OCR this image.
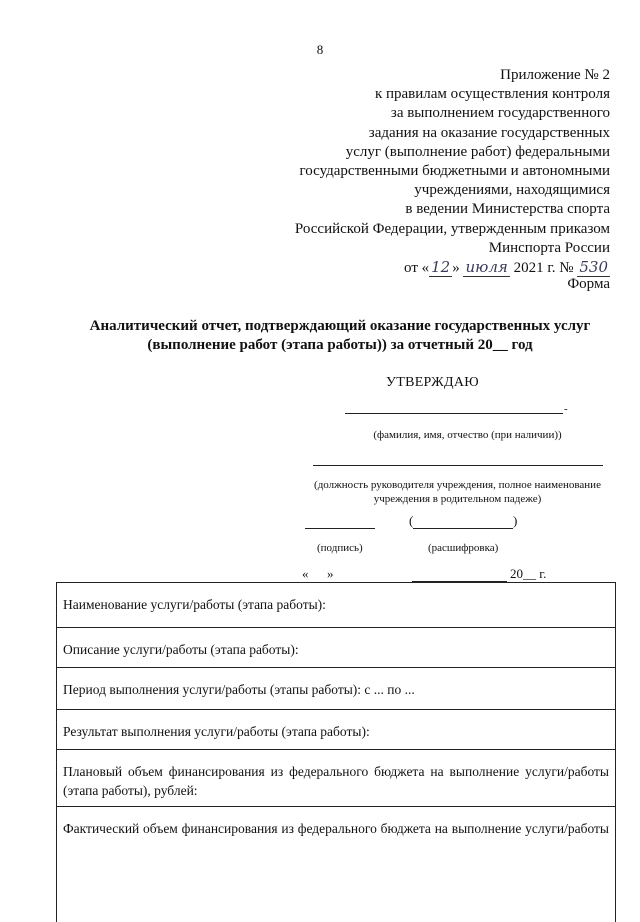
8
Приложение № 2
к правилам осуществления контроля
за выполнением государственного
задания на оказание государственных
услуг (выполнение работ) федеральными
государственными бюджетными и автономными
учреждениями, находящимися
в ведении Министерства спорта
Российской Федерации, утвержденным приказом
Минспорта России
от « 12 » июля 2021 г. № 530
Форма
Аналитический отчет, подтверждающий оказание государственных услуг
(выполнение работ (этапа работы)) за отчетный 20__ год
УТВЕРЖДАЮ
-
(фамилия, имя, отчество (при наличии))
(должность руководителя учреждения, полное наименование
учреждения в родительном падеже)
(	)
(подпись)	(расшифровка)
« »	20__ г.
Наименование услуги/работы (этапа работы):
Описание услуги/работы (этапа работы):
Период выполнения услуги/работы (этапы работы): с ... по ...
Результат выполнения услуги/работы (этапа работы):
Плановый объем финансирования из федерального бюджета на выполнение услуги/работы (этапа работы), рублей:
Фактический объем финансирования из федерального бюджета на выполнение услуги/работы
